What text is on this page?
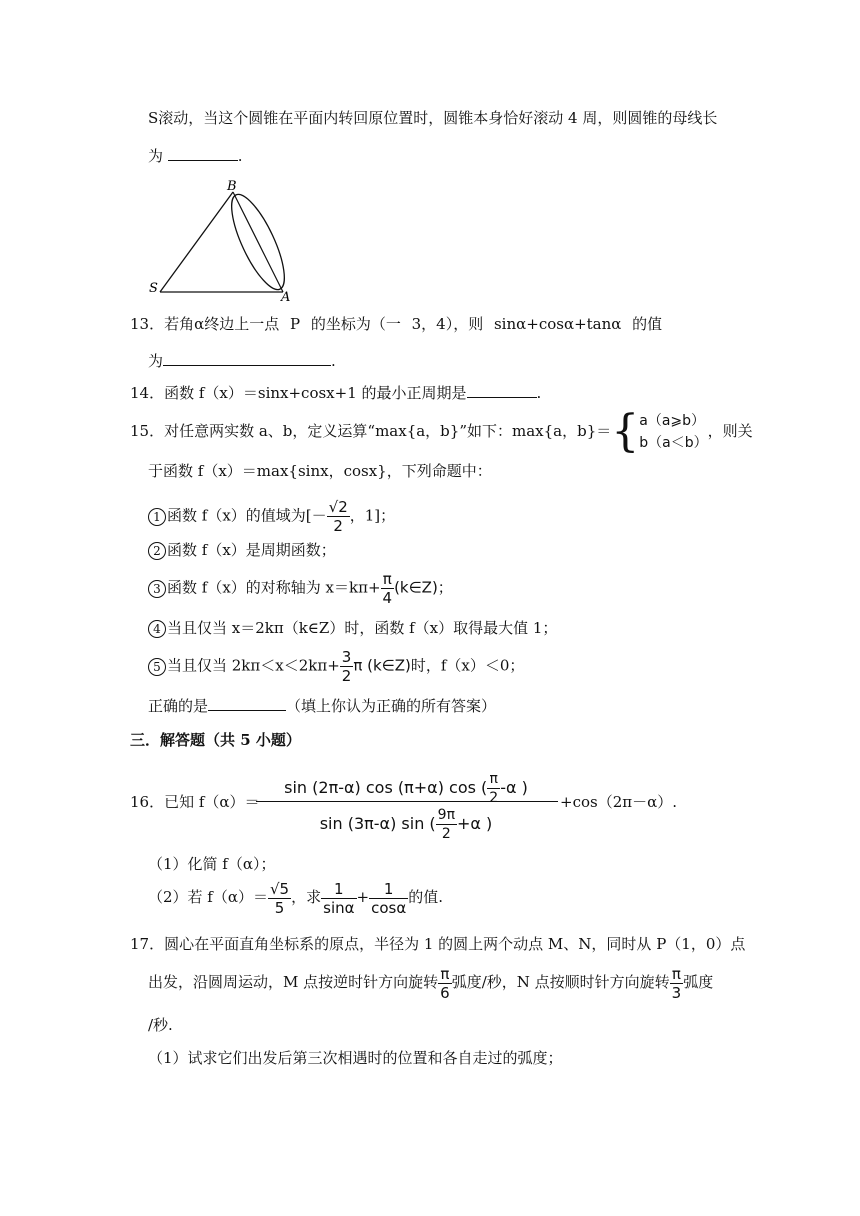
S滚动，当这个圆锥在平面内转回原位置时，圆锥本身恰好滚动 4 周，则圆锥的母线长
为	.
B
S
A
13．若角α终边上一点 P 的坐标为（一 3，4），则 sinα+cosα+tanα 的值
为	.
14．函数 f（x）＝sinx+cosx+1 的最小正周期是	.
15．对任意两实数 a、b，定义运算“max{a，b}”如下：max{a，b}＝{ a（a⩾b）
b（a＜b）
，则关
于函数 f（x）＝max{sinx，cosx}，下列命题中：
1 函数 f（x）的值域为[－ $\frac{√2}{2}$ ，1]；
2 函数 f（x）是周期函数；
3 函数 f（x）的对称轴为 $x=k\pi+ \frac{\pi}{4}$ (k∈Z)；
4 当且仅当 x＝2kπ（k∈Z）时，函数 f（x）取得最大值 1；
5 当且仅当 $2k\pi<x<2k\pi+ \frac{3}{2}$ π (k∈Z)时，f（x）＜0；
正确的是	（填上你认为正确的所有答案）
三．解答题（共 5 小题）
16．已知 f（α）＝
sin (2π-α) cos (π+α) cos ( $\frac{\pi}{2} -\alpha$ )
sin (3π-α) sin ( $\frac{9\pi}{2} +\alpha$ )
+cos（2π－α）.
（1）化简 f（α）；
（2）若 $f(\alpha)= \frac{√5}{5}$ ，求 $\frac{1}{\sin\alpha} + \frac{1}{\cos\alpha}$ 的值.
17．圆心在平面直角坐标系的原点，半径为 1 的圆上两个动点 M、N，同时从 P（1，0）点
出发，沿圆周运动，M 点按逆时针方向旋转 $\frac{\pi}{6}$ 弧度/秒，N 点按顺时针方向旋转 $\frac{\pi}{3}$ 弧度
/秒.
（1）试求它们出发后第三次相遇时的位置和各自走过的弧度；
